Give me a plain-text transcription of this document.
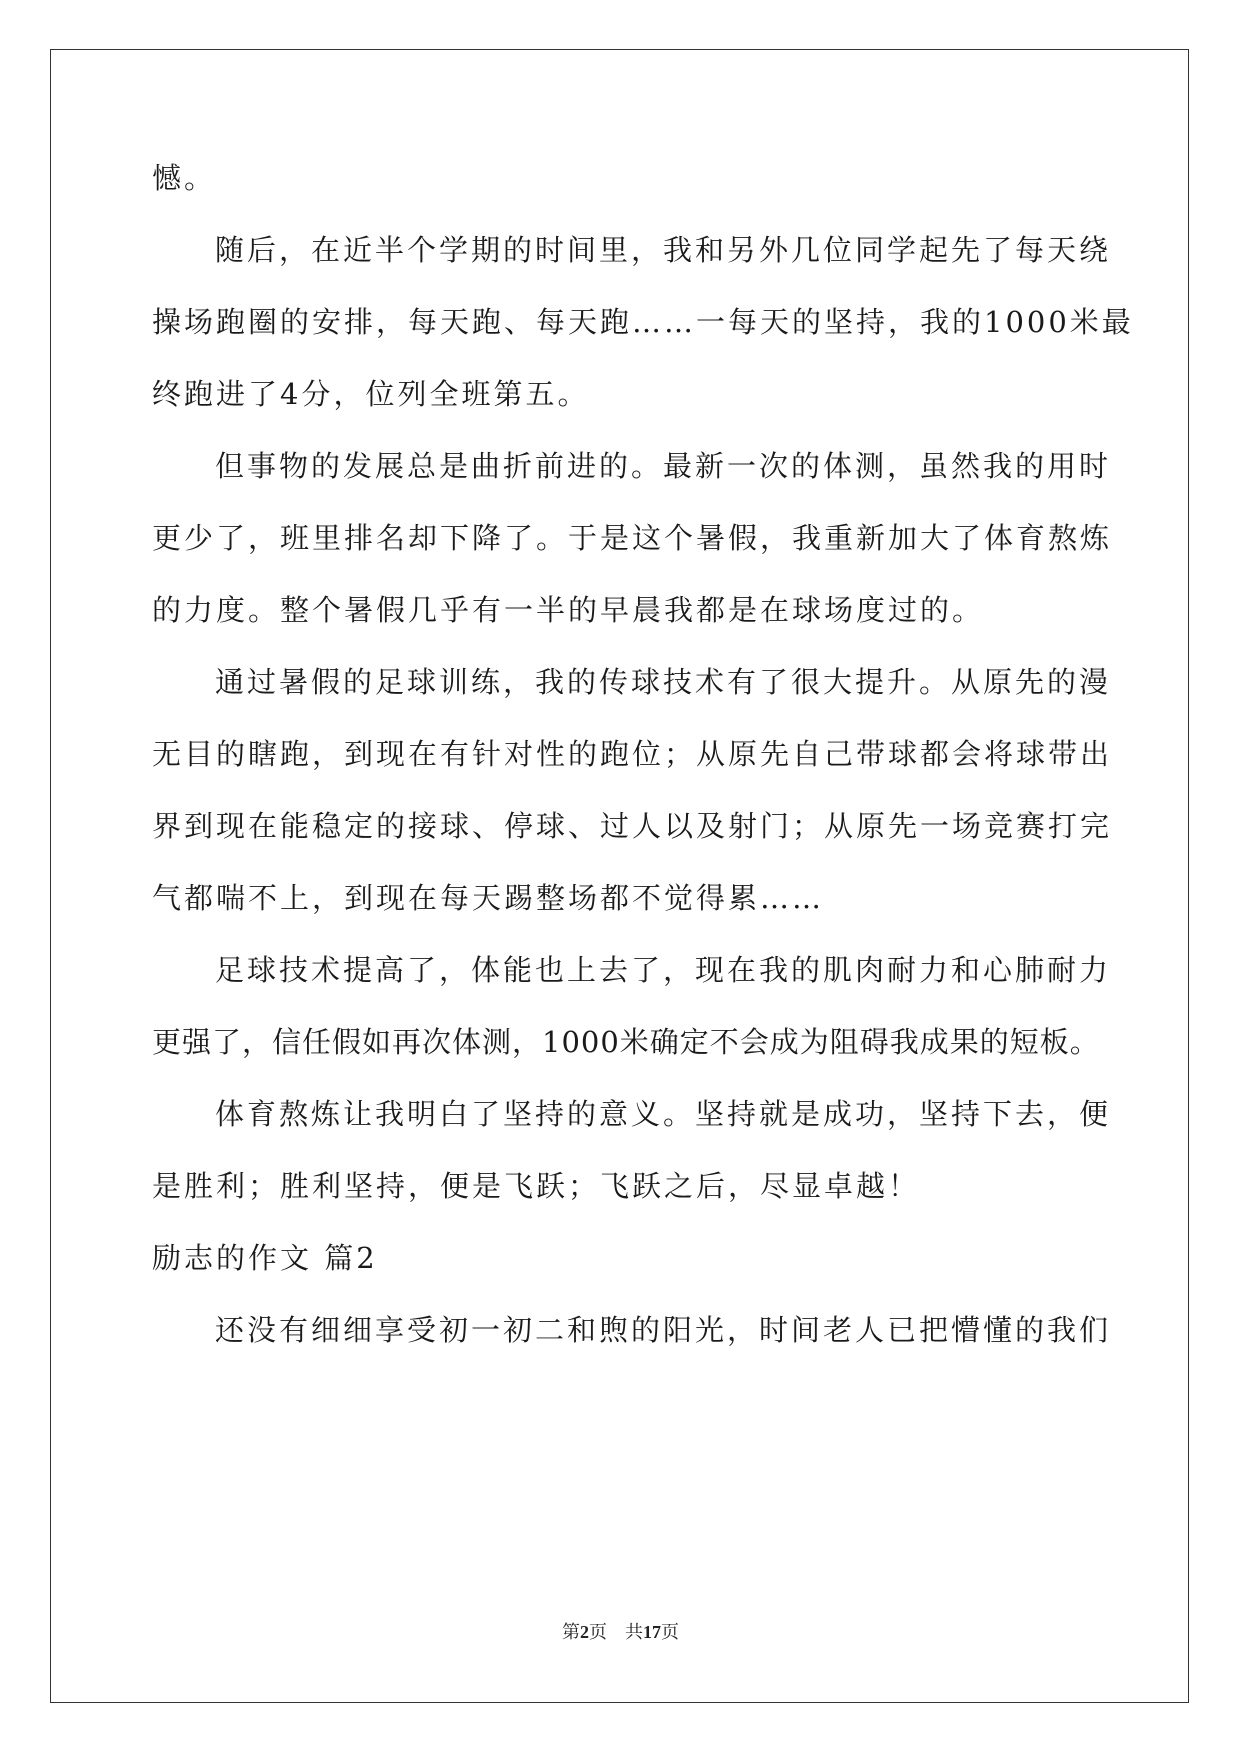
憾。
随后，在近半个学期的时间里，我和另外几位同学起先了每天绕
操场跑圈的安排，每天跑、每天跑……一每天的坚持，我的1000米最
终跑进了4分，位列全班第五。
但事物的发展总是曲折前进的。最新一次的体测，虽然我的用时
更少了，班里排名却下降了。于是这个暑假，我重新加大了体育熬炼
的力度。整个暑假几乎有一半的早晨我都是在球场度过的。
通过暑假的足球训练，我的传球技术有了很大提升。从原先的漫
无目的瞎跑，到现在有针对性的跑位；从原先自己带球都会将球带出
界到现在能稳定的接球、停球、过人以及射门；从原先一场竞赛打完
气都喘不上，到现在每天踢整场都不觉得累……
足球技术提高了，体能也上去了，现在我的肌肉耐力和心肺耐力
更强了，信任假如再次体测，1000米确定不会成为阻碍我成果的短板。
体育熬炼让我明白了坚持的意义。坚持就是成功，坚持下去，便
是胜利；胜利坚持，便是飞跃；飞跃之后，尽显卓越！
励志的作文 篇2
还没有细细享受初一初二和煦的阳光，时间老人已把懵懂的我们
第2页 共17页
